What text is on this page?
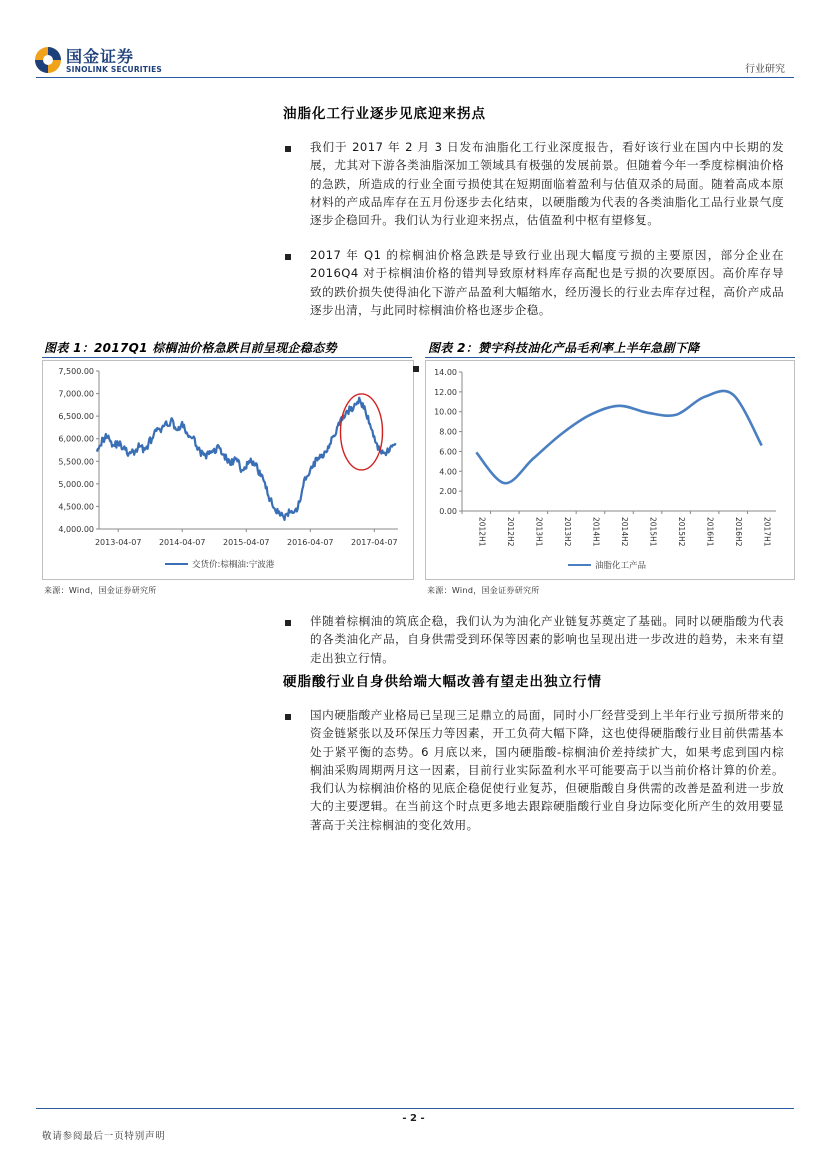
国金证券
SINOLINK SECURITIES	行业研究
油脂化工行业逐步见底迎来拐点
我们于 2017 年 2 月 3 日发布油脂化工行业深度报告，看好该行业在国内中长期的发展，尤其对下游各类油脂深加工领域具有极强的发展前景。但随着今年一季度棕榈油价格的急跌，所造成的行业全面亏损使其在短期面临着盈利与估值双杀的局面。随着高成本原材料的产成品库存在五月份逐步去化结束，以硬脂酸为代表的各类油脂化工品行业景气度逐步企稳回升。我们认为行业迎来拐点，估值盈利中枢有望修复。
2017 年 Q1 的棕榈油价格急跌是导致行业出现大幅度亏损的主要原因，部分企业在 2016Q4 对于棕榈油价格的错判导致原材料库存高配也是亏损的次要原因。高价库存导致的跌价损失使得油化下游产品盈利大幅缩水，经历漫长的行业去库存过程，高价产成品逐步出清，与此同时棕榈油价格也逐步企稳。
图表 1：2017Q1 棕榈油价格急跌目前呈现企稳态势
4,000.00
4,500.00
5,000.00
5,500.00
6,000.00
6,500.00
7,000.00
7,500.00
2013-04-07 2014-04-07 2015-04-07 2016-04-07 2017-04-07
交货价:棕榈油:宁波港
来源：Wind，国金证券研究所
图表 2：赞宇科技油化产品毛利率上半年急剧下降
0.00
2.00
4.00
6.00
8.00
10.00
12.00
14.00
2012H1	2012H2	2013H1	2013H2	2014H1	2014H2	2015H1	2015H2	2016H1	2016H2	2017H1
油脂化工产品
来源：Wind，国金证券研究所
伴随着棕榈油的筑底企稳，我们认为为油化产业链复苏奠定了基础。同时以硬脂酸为代表的各类油化产品，自身供需受到环保等因素的影响也呈现出进一步改进的趋势，未来有望走出独立行情。
硬脂酸行业自身供给端大幅改善有望走出独立行情
国内硬脂酸产业格局已呈现三足鼎立的局面，同时小厂经营受到上半年行业亏损所带来的资金链紧张以及环保压力等因素，开工负荷大幅下降，这也使得硬脂酸行业目前供需基本处于紧平衡的态势。6 月底以来，国内硬脂酸-棕榈油价差持续扩大，如果考虑到国内棕榈油采购周期两月这一因素，目前行业实际盈利水平可能要高于以当前价格计算的价差。我们认为棕榈油价格的见底企稳促使行业复苏，但硬脂酸自身供需的改善是盈利进一步放大的主要逻辑。在当前这个时点更多地去跟踪硬脂酸行业自身边际变化所产生的效用要显著高于关注棕榈油的变化效用。
- 2 -
敬请参阅最后一页特别声明
